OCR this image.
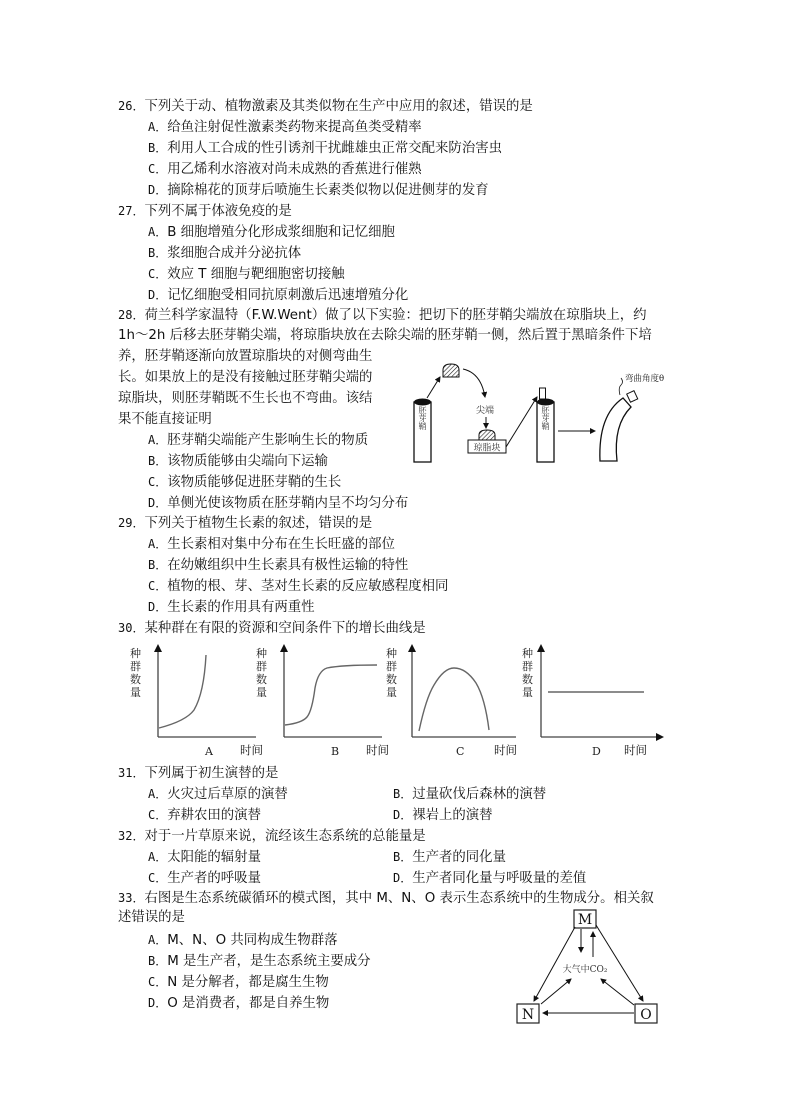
26．下列关于动、植物激素及其类似物在生产中应用的叙述，错误的是
A．给鱼注射促性激素类药物来提高鱼类受精率
B．利用人工合成的性引诱剂干扰雌雄虫正常交配来防治害虫
C．用乙烯利水溶液对尚未成熟的香蕉进行催熟
D．摘除棉花的顶芽后喷施生长素类似物以促进侧芽的发育
27．下列不属于体液免疫的是
A．B 细胞增殖分化形成浆细胞和记忆细胞
B．浆细胞合成并分泌抗体
C．效应 T 细胞与靶细胞密切接触
D．记忆细胞受相同抗原刺激后迅速增殖分化
28．荷兰科学家温特（F.W.Went）做了以下实验：把切下的胚芽鞘尖端放在琼脂块上，约
1h～2h 后移去胚芽鞘尖端，将琼脂块放在去除尖端的胚芽鞘一侧，然后置于黑暗条件下培
养，胚芽鞘逐渐向放置琼脂块的对侧弯曲生
长。如果放上的是没有接触过胚芽鞘尖端的
琼脂块，则胚芽鞘既不生长也不弯曲。该结
果不能直接证明
A．胚芽鞘尖端能产生影响生长的物质
B．该物质能够由尖端向下运输
C．该物质能够促进胚芽鞘的生长
D．单侧光使该物质在胚芽鞘内呈不均匀分布
胚芽鞘	尖端
琼脂块
胚芽鞘
弯曲角度θ
29．下列关于植物生长素的叙述，错误的是
A．生长素相对集中分布在生长旺盛的部位
B．在幼嫩组织中生长素具有极性运输的特性
C．植物的根、芽、茎对生长素的反应敏感程度相同
D．生长素的作用具有两重性
30．某种群在有限的资源和空间条件下的增长曲线是
种
群
数
量
A 时间
种
群
数
量
B 时间
种
群
数
量
C	时间
种
群
数
量
D 时间
31．下列属于初生演替的是
A．火灾过后草原的演替	B．过量砍伐后森林的演替
C．弃耕农田的演替	D．裸岩上的演替
32．对于一片草原来说，流经该生态系统的总能量是
A．太阳能的辐射量	B．生产者的同化量
C．生产者的呼吸量	D．生产者同化量与呼吸量的差值
33．右图是生态系统碳循环的模式图，其中 M、N、O 表示生态系统中的生物成分。相关叙
述错误的是
A．M、N、O 共同构成生物群落
B．M 是生产者，是生态系统主要成分
C．N 是分解者，都是腐生生物
D．O 是消费者，都是自养生物
M
N	O
大气中CO₂
